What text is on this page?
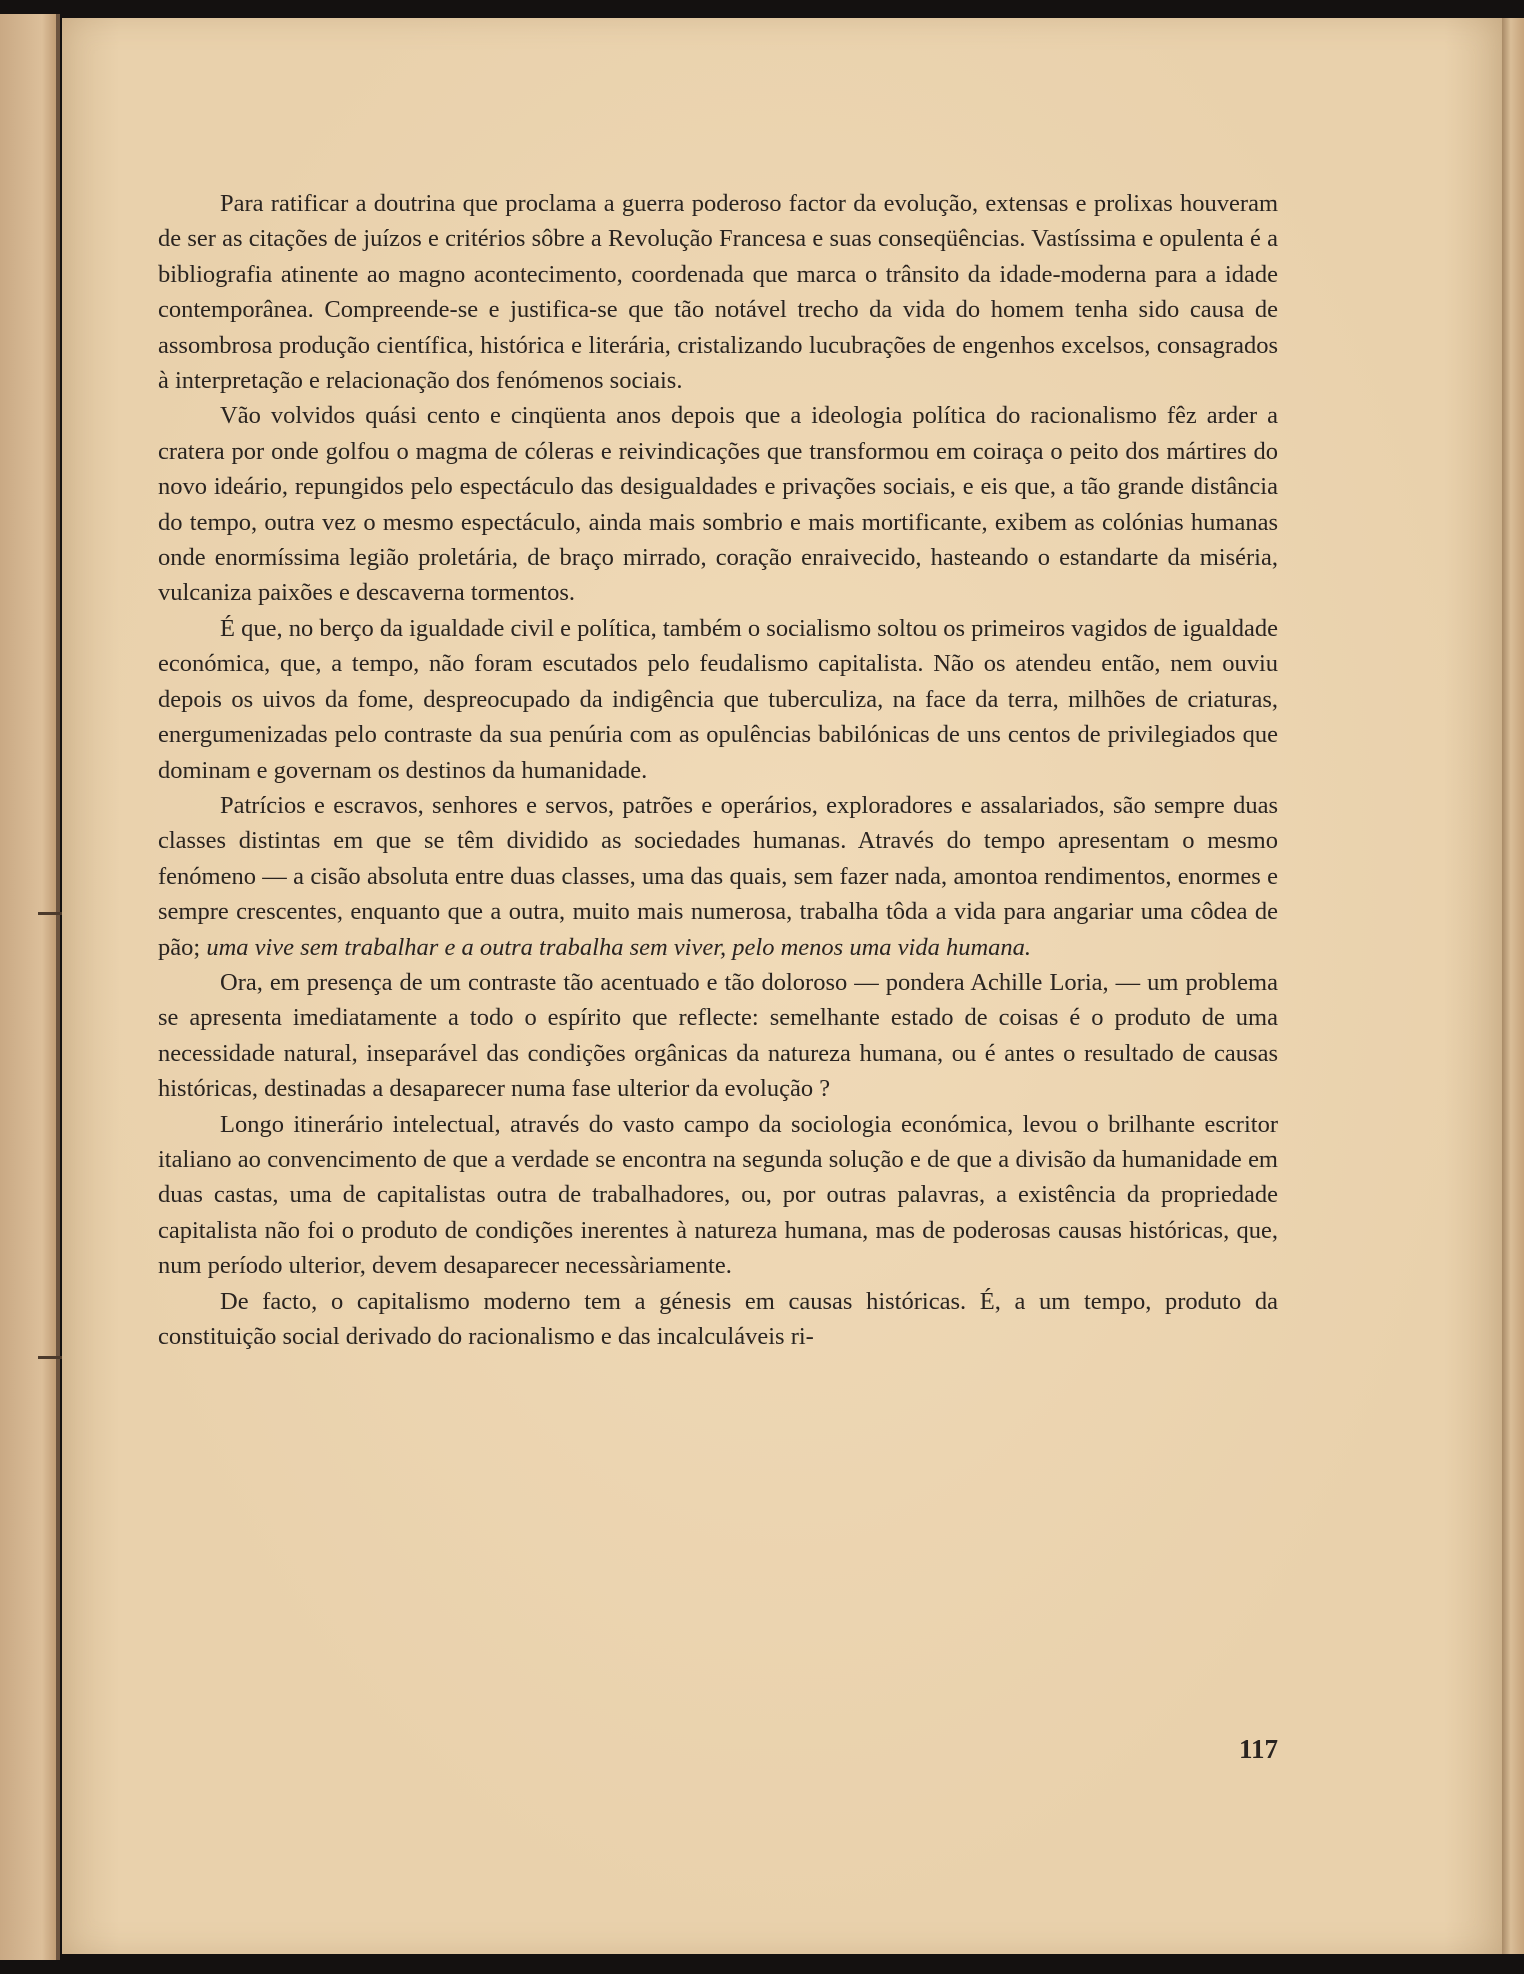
Para ratificar a doutrina que proclama a guerra poderoso factor da evolução, extensas e prolixas houveram de ser as citações de juízos e critérios sôbre a Revolução Francesa e suas conseqüências. Vastíssima e opulenta é a bibliografia atinente ao magno acontecimento, coordenada que marca o trânsito da idade-moderna para a idade contemporânea. Compreende-se e justifica-se que tão notável trecho da vida do homem tenha sido causa de assombrosa produção científica, histórica e literária, cristalizando lucubrações de engenhos excelsos, consagrados à interpretação e relacionação dos fenómenos sociais.

Vão volvidos quási cento e cinqüenta anos depois que a ideologia política do racionalismo fêz arder a cratera por onde golfou o magma de cóleras e reivindicações que transformou em coiraça o peito dos mártires do novo ideário, repungidos pelo espectáculo das desigualdades e privações sociais, e eis que, a tão grande distância do tempo, outra vez o mesmo espectáculo, ainda mais sombrio e mais mortificante, exibem as colónias humanas onde enormíssima legião proletária, de braço mirrado, coração enraivecido, hasteando o estandarte da miséria, vulcaniza paixões e descaverna tormentos.

É que, no berço da igualdade civil e política, também o socialismo soltou os primeiros vagidos de igualdade económica, que, a tempo, não foram escutados pelo feudalismo capitalista. Não os atendeu então, nem ouviu depois os uivos da fome, despreocupado da indigência que tuberculiza, na face da terra, milhões de criaturas, energumenizadas pelo contraste da sua penúria com as opulências babilónicas de uns centos de privilegiados que dominam e governam os destinos da humanidade.

Patrícios e escravos, senhores e servos, patrões e operários, exploradores e assalariados, são sempre duas classes distintas em que se têm dividido as sociedades humanas. Através do tempo apresentam o mesmo fenómeno — a cisão absoluta entre duas classes, uma das quais, sem fazer nada, amontoa rendimentos, enormes e sempre crescentes, enquanto que a outra, muito mais numerosa, trabalha tôda a vida para angariar uma côdea de pão; uma vive sem trabalhar e a outra trabalha sem viver, pelo menos uma vida humana.

Ora, em presença de um contraste tão acentuado e tão doloroso — pondera Achille Loria, — um problema se apresenta imediatamente a todo o espírito que reflecte: semelhante estado de coisas é o produto de uma necessidade natural, inseparável das condições orgânicas da natureza humana, ou é antes o resultado de causas históricas, destinadas a desaparecer numa fase ulterior da evolução ?

Longo itinerário intelectual, através do vasto campo da sociologia económica, levou o brilhante escritor italiano ao convencimento de que a verdade se encontra na segunda solução e de que a divisão da humanidade em duas castas, uma de capitalistas outra de trabalhadores, ou, por outras palavras, a existência da propriedade capitalista não foi o produto de condições inerentes à natureza humana, mas de poderosas causas históricas, que, num período ulterior, devem desaparecer necessàriamente.

De facto, o capitalismo moderno tem a génesis em causas históricas. É, a um tempo, produto da constituição social derivado do racionalismo e das incalculáveis ri-

117
